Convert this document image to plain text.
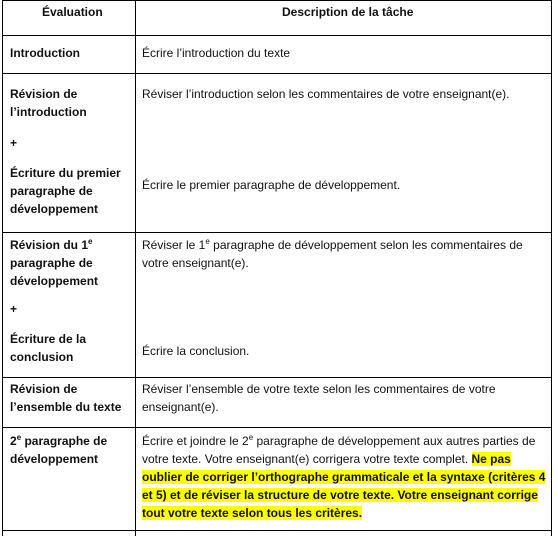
Évaluation	Description de la tâche
Introduction	Écrire l’introduction du texte
Révision de l’introduction
+
Écriture du premier paragraphe de développement
Réviser l’introduction selon les commentaires de votre enseignant(e).
Écrire le premier paragraphe de développement.
Révision du 1e paragraphe de développement
+
Écriture de la conclusion
Réviser le 1e paragraphe de développement selon les commentaires de votre enseignant(e).
Écrire la conclusion.
Révision de l’ensemble du texte
Réviser l’ensemble de votre texte selon les commentaires de votre enseignant(e).
2e paragraphe de développement
Écrire et joindre le 2e paragraphe de développement aux autres parties de votre texte. Votre enseignant(e) corrigera votre texte complet. Ne pas oublier de corriger l’orthographe grammaticale et la syntaxe (critères 4 et 5) et de réviser la structure de votre texte. Votre enseignant corrige tout votre texte selon tous les critères.
